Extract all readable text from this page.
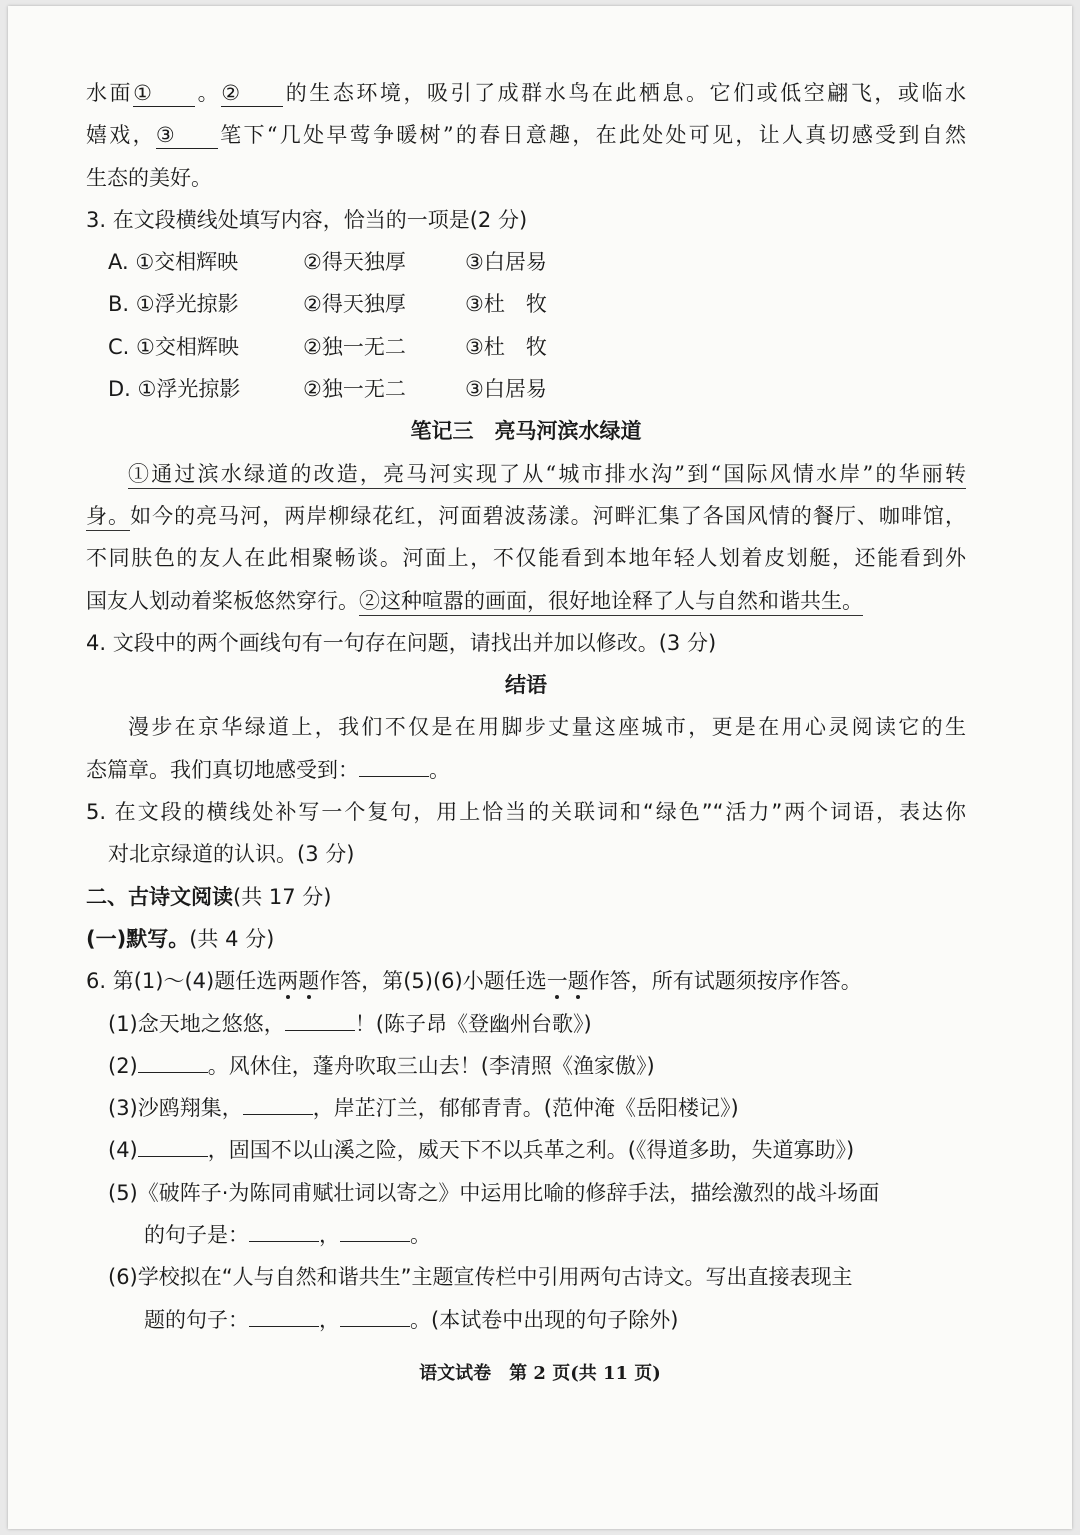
水面① 。② 的生态环境，吸引了成群水鸟在此栖息。它们或低空翩飞，或临水
嬉戏，③ 笔下“几处早莺争暖树”的春日意趣，在此处处可见，让人真切感受到自然
生态的美好。
3. 在文段横线处填写内容，恰当的一项是(2 分)
A. ①交相辉映	②得天独厚	③白居易
B. ①浮光掠影	②得天独厚	③杜　牧
C. ①交相辉映	②独一无二	③杜　牧
D. ①浮光掠影	②独一无二	③白居易
笔记三　亮马河滨水绿道
①通过滨水绿道的改造，亮马河实现了从“城市排水沟”到“国际风情水岸”的华丽转
身。如今的亮马河，两岸柳绿花红，河面碧波荡漾。河畔汇集了各国风情的餐厅、咖啡馆，
不同肤色的友人在此相聚畅谈。河面上，不仅能看到本地年轻人划着皮划艇，还能看到外
国友人划动着桨板悠然穿行。②这种喧嚣的画面，很好地诠释了人与自然和谐共生。
4. 文段中的两个画线句有一句存在问题，请找出并加以修改。(3 分)
结语
漫步在京华绿道上，我们不仅是在用脚步丈量这座城市，更是在用心灵阅读它的生
态篇章。我们真切地感受到：	。
5. 在文段的横线处补写一个复句，用上恰当的关联词和“绿色”“活力”两个词语，表达你
对北京绿道的认识。(3 分)
二、古诗文阅读(共 17 分)
(一)默写。(共 4 分)
6. 第(1)～(4)题任选两题作答，第(5)(6)小题任选一题作答，所有试题须按序作答。
(1)念天地之悠悠，	！(陈子昂《登幽州台歌》)
(2)	。风休住，蓬舟吹取三山去！(李清照《渔家傲》)
(3)沙鸥翔集，	，岸芷汀兰，郁郁青青。(范仲淹《岳阳楼记》)
(4)	，固国不以山溪之险，威天下不以兵革之利。(《得道多助，失道寡助》)
(5)《破阵子·为陈同甫赋壮词以寄之》中运用比喻的修辞手法，描绘激烈的战斗场面
的句子是：	，	。
(6)学校拟在“人与自然和谐共生”主题宣传栏中引用两句古诗文。写出直接表现主
题的句子：	，	。(本试卷中出现的句子除外)
语文试卷　第 2 页(共 11 页)
